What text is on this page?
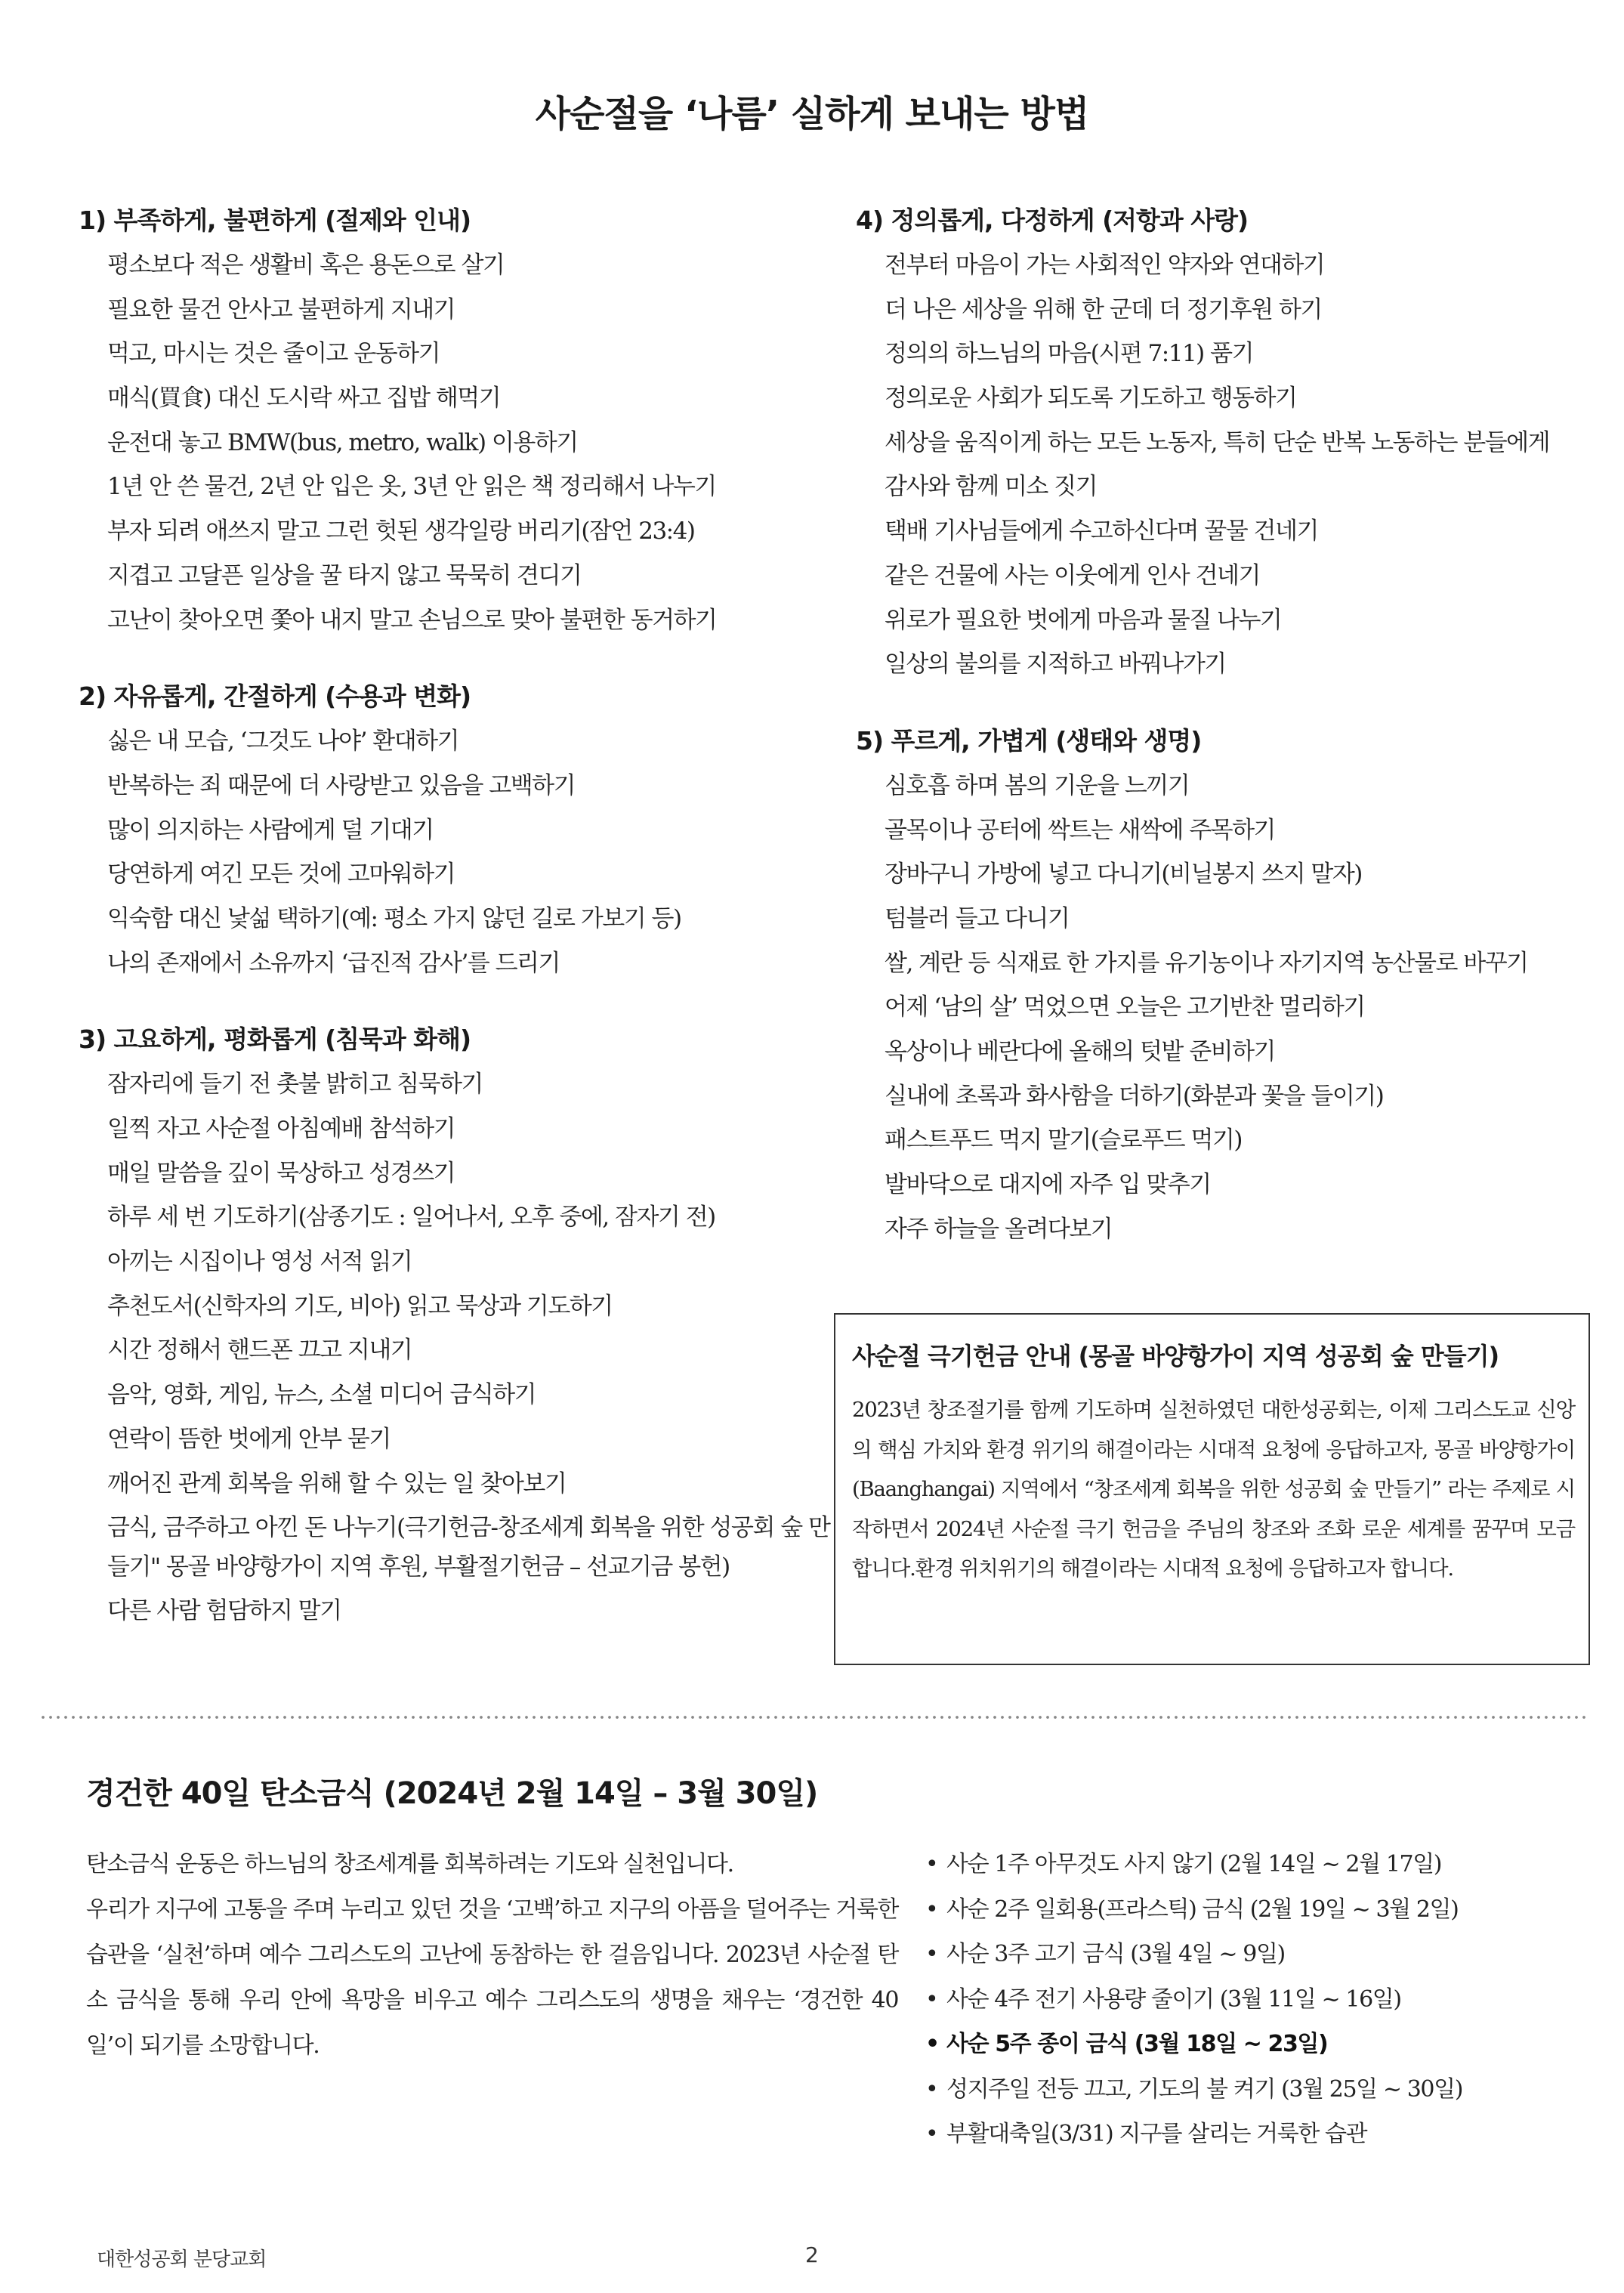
사순절을 ‘나름’ 실하게 보내는 방법
1) 부족하게, 불편하게 (절제와 인내)
평소보다 적은 생활비 혹은 용돈으로 살기
필요한 물건 안사고 불편하게 지내기
먹고, 마시는 것은 줄이고 운동하기
매식(買食) 대신 도시락 싸고 집밥 해먹기
운전대 놓고 BMW(bus, metro, walk) 이용하기
1년 안 쓴 물건, 2년 안 입은 옷, 3년 안 읽은 책 정리해서 나누기
부자 되려 애쓰지 말고 그런 헛된 생각일랑 버리기(잠언 23:4)
지겹고 고달픈 일상을 꿀 타지 않고 묵묵히 견디기
고난이 찾아오면 쫓아 내지 말고 손님으로 맞아 불편한 동거하기
2) 자유롭게, 간절하게 (수용과 변화)
싫은 내 모습, ‘그것도 나야’ 환대하기
반복하는 죄 때문에 더 사랑받고 있음을 고백하기
많이 의지하는 사람에게 덜 기대기
당연하게 여긴 모든 것에 고마워하기
익숙함 대신 낯섦 택하기(예: 평소 가지 않던 길로 가보기 등)
나의 존재에서 소유까지 ‘급진적 감사’를 드리기
3) 고요하게, 평화롭게 (침묵과 화해)
잠자리에 들기 전 촛불 밝히고 침묵하기
일찍 자고 사순절 아침예배 참석하기
매일 말씀을 깊이 묵상하고 성경쓰기
하루 세 번 기도하기(삼종기도 : 일어나서, 오후 중에, 잠자기 전)
아끼는 시집이나 영성 서적 읽기
추천도서(신학자의 기도, 비아) 읽고 묵상과 기도하기
시간 정해서 핸드폰 끄고 지내기
음악, 영화, 게임, 뉴스, 소셜 미디어 금식하기
연락이 뜸한 벗에게 안부 묻기
깨어진 관계 회복을 위해 할 수 있는 일 찾아보기
금식, 금주하고 아낀 돈 나누기(극기헌금-창조세계 회복을 위한 성공회 숲 만들기" 몽골 바양항가이 지역 후원, 부활절기헌금 – 선교기금 봉헌)
다른 사람 험담하지 말기
4) 정의롭게, 다정하게 (저항과 사랑)
전부터 마음이 가는 사회적인 약자와 연대하기
더 나은 세상을 위해 한 군데 더 정기후원 하기
정의의 하느님의 마음(시편 7:11) 품기
정의로운 사회가 되도록 기도하고 행동하기
세상을 움직이게 하는 모든 노동자, 특히 단순 반복 노동하는 분들에게
감사와 함께 미소 짓기
택배 기사님들에게 수고하신다며 꿀물 건네기
같은 건물에 사는 이웃에게 인사 건네기
위로가 필요한 벗에게 마음과 물질 나누기
일상의 불의를 지적하고 바꿔나가기
5) 푸르게, 가볍게 (생태와 생명)
심호흡 하며 봄의 기운을 느끼기
골목이나 공터에 싹트는 새싹에 주목하기
장바구니 가방에 넣고 다니기(비닐봉지 쓰지 말자)
텀블러 들고 다니기
쌀, 계란 등 식재료 한 가지를 유기농이나 자기지역 농산물로 바꾸기
어제 ‘남의 살’ 먹었으면 오늘은 고기반찬 멀리하기
옥상이나 베란다에 올해의 텃밭 준비하기
실내에 초록과 화사함을 더하기(화분과 꽃을 들이기)
패스트푸드 먹지 말기(슬로푸드 먹기)
발바닥으로 대지에 자주 입 맞추기
자주 하늘을 올려다보기
사순절 극기헌금 안내 (몽골 바양항가이 지역 성공회 숲 만들기)
2023년 창조절기를 함께 기도하며 실천하였던 대한성공회는, 이제 그리스도교 신앙의 핵심 가치와 환경 위기의 해결이라는 시대적 요청에 응답하고자, 몽골 바양항가이(Baanghangai) 지역에서 “창조세계 회복을 위한 성공회 숲 만들기” 라는 주제로 시작하면서 2024년 사순절 극기 헌금을 주님의 창조와 조화 로운 세계를 꿈꾸며 모금합니다.환경 위치위기의 해결이라는 시대적 요청에 응답하고자 합니다.
경건한 40일 탄소금식 (2024년 2월 14일 – 3월 30일)

탄소금식 운동은 하느님의 창조세계를 회복하려는 기도와 실천입니다.

우리가 지구에 고통을 주며 누리고 있던 것을 ‘고백’하고 지구의 아픔을 덜어주는 거룩한 습관을 ‘실천’하며 예수 그리스도의 고난에 동참하는 한 걸음입니다. 2023년 사순절 탄소 금식을 통해 우리 안에 욕망을 비우고 예수 그리스도의 생명을 채우는 ‘경건한 40일’이 되기를 소망합니다.

• 사순 1주 아무것도 사지 않기 (2월 14일 ~ 2월 17일)
• 사순 2주 일회용(프라스틱) 금식 (2월 19일 ~ 3월 2일)
• 사순 3주 고기 금식 (3월 4일 ~ 9일)
• 사순 4주 전기 사용량 줄이기 (3월 11일 ~ 16일)
• 사순 5주 종이 금식 (3월 18일 ~ 23일)
• 성지주일 전등 끄고, 기도의 불 켜기 (3월 25일 ~ 30일)
• 부활대축일(3/31) 지구를 살리는 거룩한 습관
대한성공회 분당교회	2
